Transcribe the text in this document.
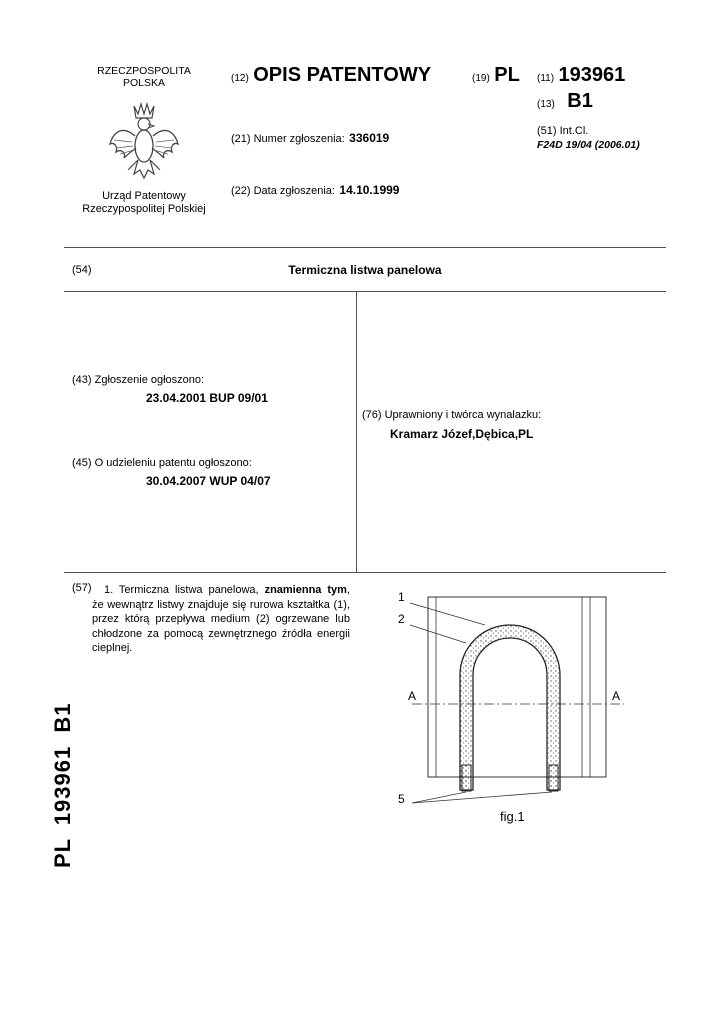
RZECZPOSPOLITA
POLSKA
Urząd Patentowy
Rzeczypospolitej Polskiej
(12) OPIS PATENTOWY	(19) PL (11) 193961
(13) B1
(21) Numer zgłoszenia: 336019	(51) Int.Cl.
F24D 19/04 (2006.01)
(22) Data zgłoszenia: 14.10.1999
(54)	Termiczna listwa panelowa
(43) Zgłoszenie ogłoszono:
23.04.2001 BUP 09/01
(45) O udzieleniu patentu ogłoszono:
30.04.2007 WUP 04/07
(76) Uprawniony i twórca wynalazku:
Kramarz Józef,Dębica,PL
(57)	1. Termiczna listwa panelowa, znamienna tym, że wewnątrz listwy znajduje się rurowa kształtka (1), przez którą przepływa medium (2) ogrzewane lub chłodzone za pomocą zewnętrznego źródła energii cieplnej.
1
2
A	A
5
fig.1
PL 193961 B1
